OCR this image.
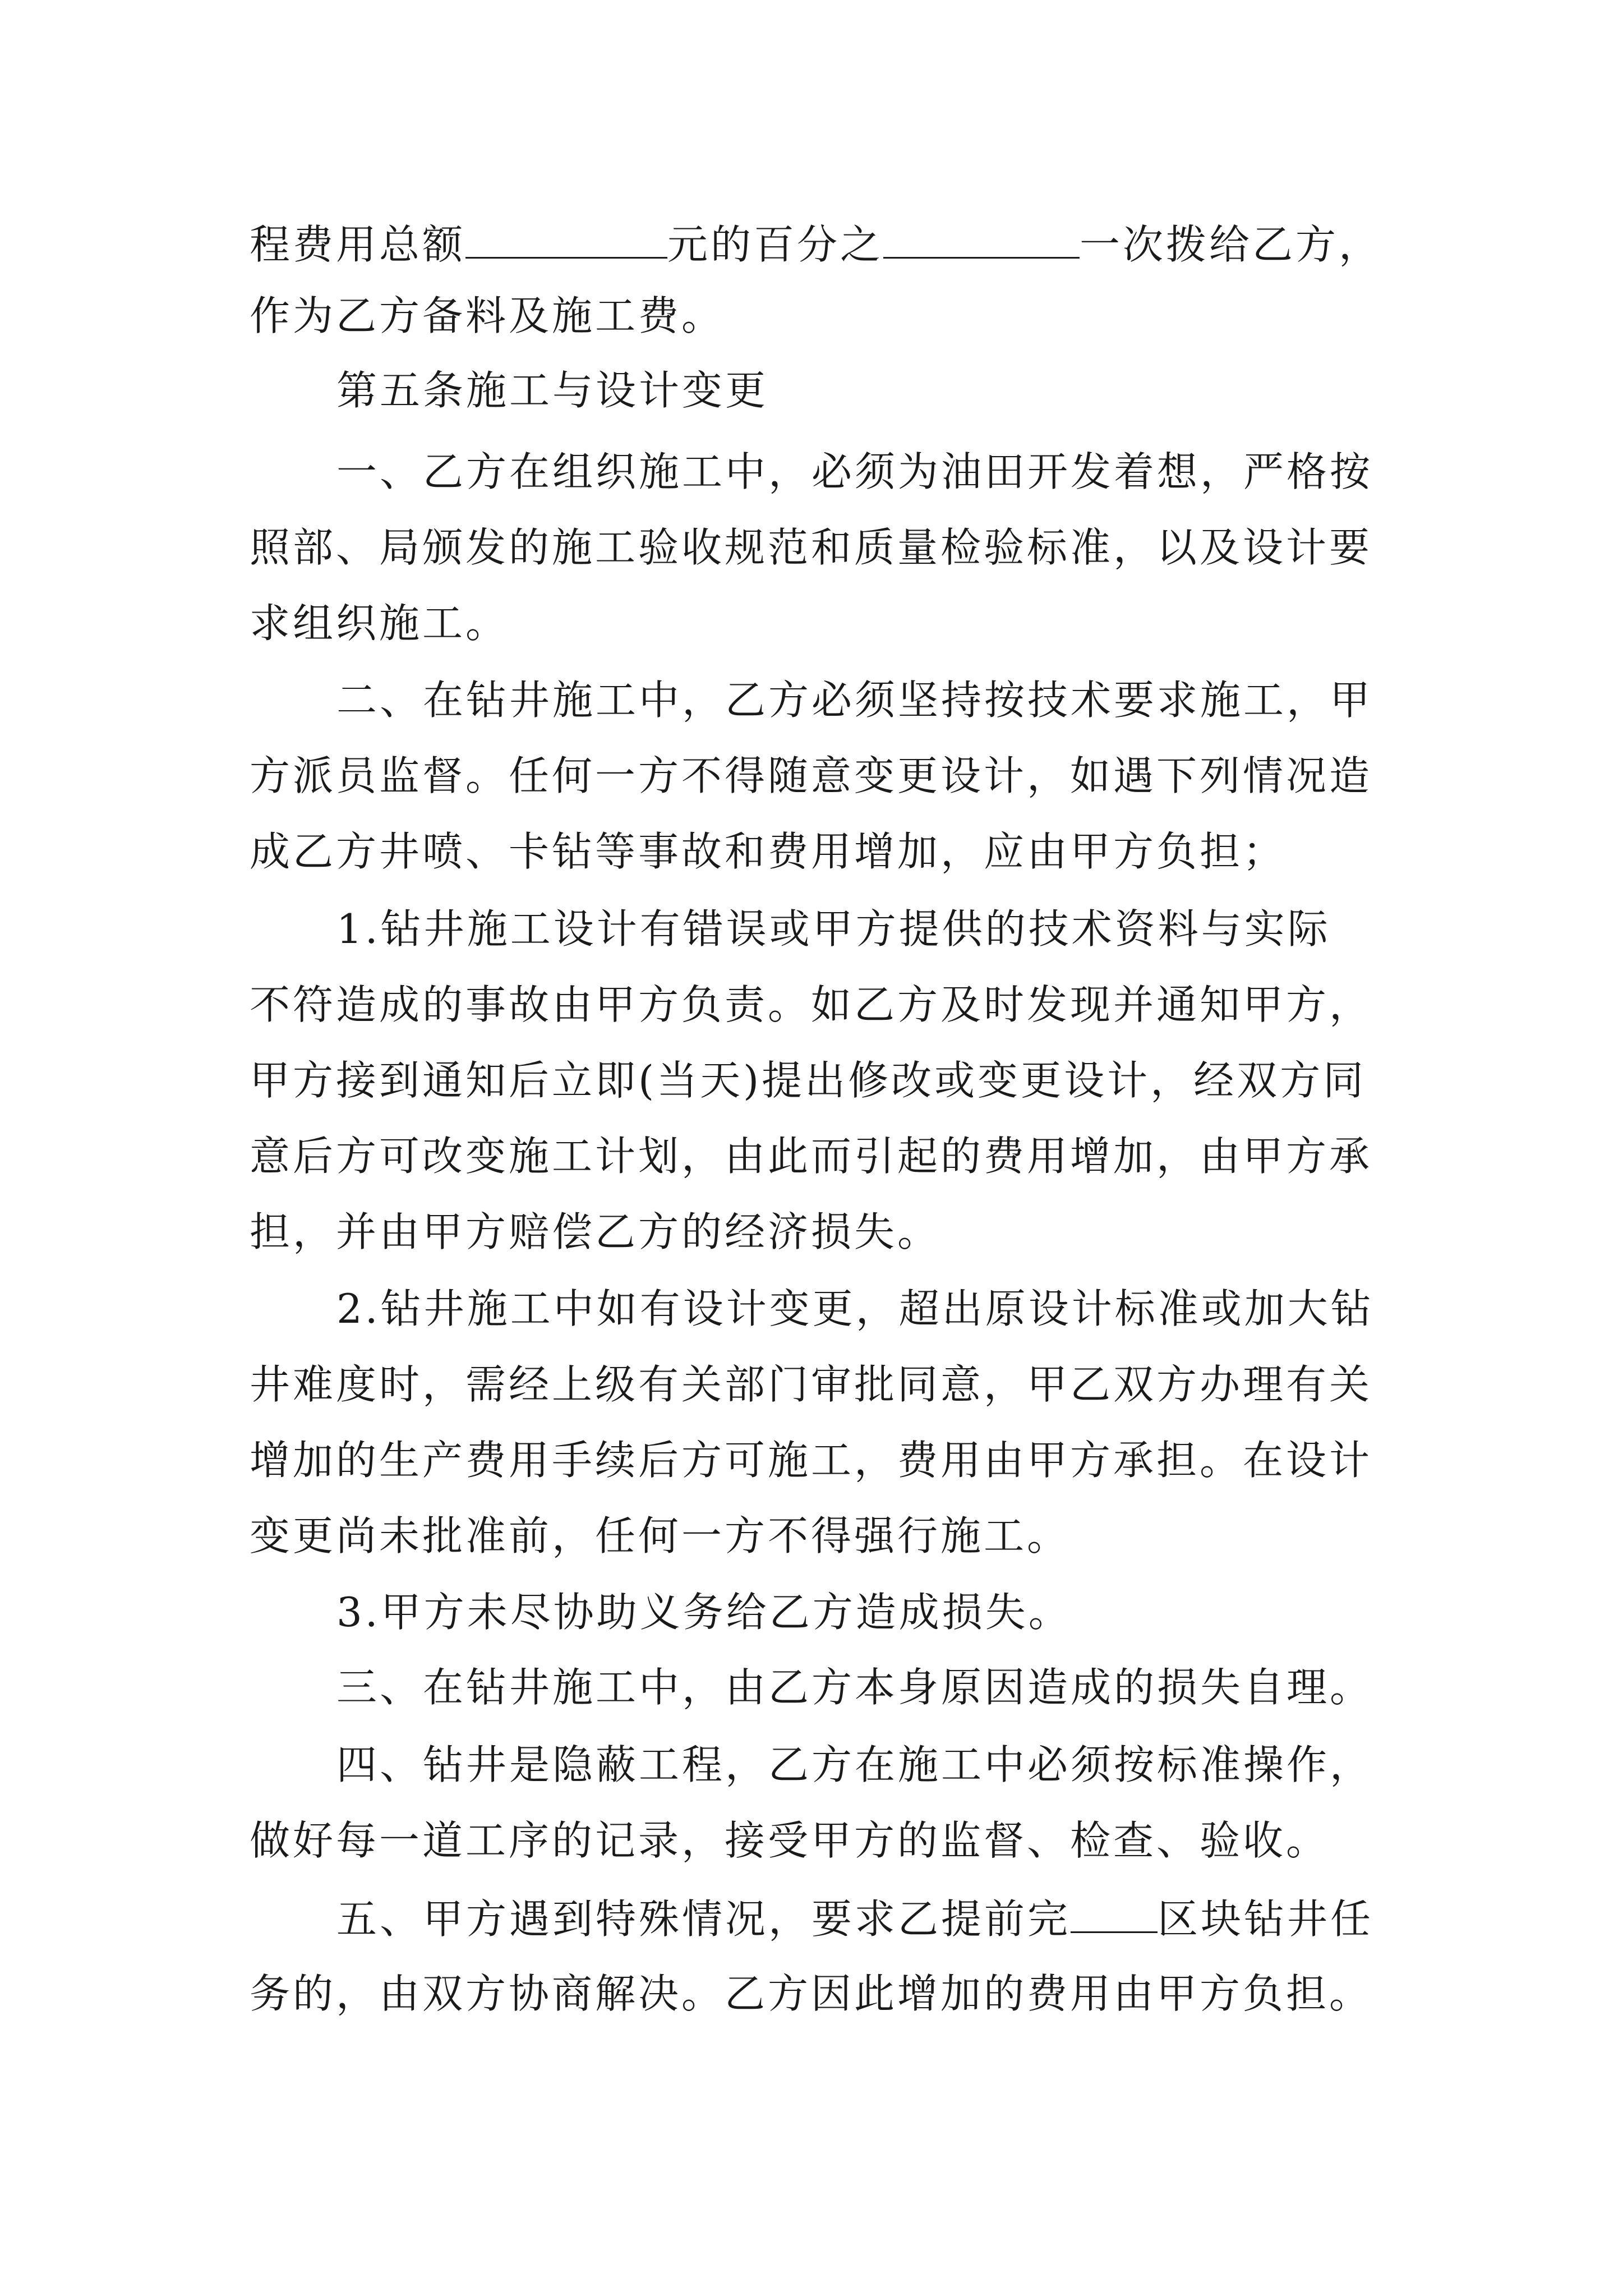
程费用总额	元的百分之	一次拨给乙方，
作为乙方备料及施工费。
第五条施工与设计变更
一、乙方在组织施工中，必须为油田开发着想，严格按
照部、局颁发的施工验收规范和质量检验标准，以及设计要
求组织施工。
二、在钻井施工中，乙方必须坚持按技术要求施工，甲
方派员监督。任何一方不得随意变更设计，如遇下列情况造
成乙方井喷、卡钻等事故和费用增加，应由甲方负担；
1.钻井施工设计有错误或甲方提供的技术资料与实际
不符造成的事故由甲方负责。如乙方及时发现并通知甲方，
甲方接到通知后立即(当天)提出修改或变更设计，经双方同
意后方可改变施工计划，由此而引起的费用增加，由甲方承
担，并由甲方赔偿乙方的经济损失。
2.钻井施工中如有设计变更，超出原设计标准或加大钻
井难度时，需经上级有关部门审批同意，甲乙双方办理有关
增加的生产费用手续后方可施工，费用由甲方承担。在设计
变更尚未批准前，任何一方不得强行施工。
3.甲方未尽协助义务给乙方造成损失。
三、在钻井施工中，由乙方本身原因造成的损失自理。
四、钻井是隐蔽工程，乙方在施工中必须按标准操作，
做好每一道工序的记录，接受甲方的监督、检查、验收。
五、甲方遇到特殊情况，要求乙提前完 区块钻井任
务的，由双方协商解决。乙方因此增加的费用由甲方负担。
